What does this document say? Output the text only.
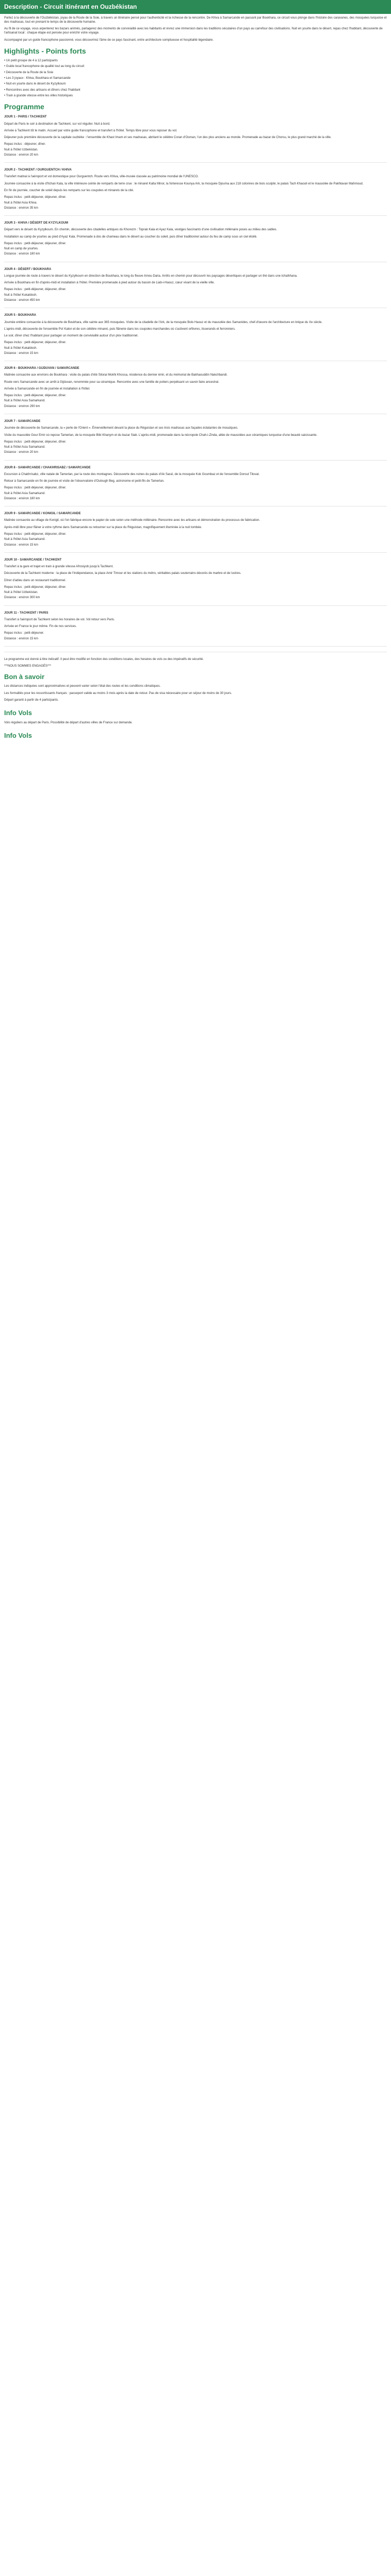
Description - Circuit itinérant en Ouzbékistan

Partez à la découverte de l'Ouzbékistan, joyau de la Route de la Soie, à travers un itinéraire pensé pour l'authenticité et la richesse de la rencontre. De Khiva à Samarcande en passant par Boukhara, ce circuit vous plonge dans l'histoire des caravanes, des mosquées turquoise et des madrasas, tout en prenant le temps de la découverte humaine.

Au fil de ce voyage, vous arpenterez les bazars animés, partagerez des moments de convivialité avec les habitants et vivrez une immersion dans les traditions séculaires d'un pays au carrefour des civilisations. Nuit en yourte dans le désert, repas chez l'habitant, découverte de l'artisanat local : chaque étape est pensée pour enrichir votre voyage.

Accompagné par un guide francophone passionné, vous découvrirez l'âme de ce pays fascinant, entre architecture somptueuse et hospitalité légendaire.

Highlights - Points forts
• Un petit groupe de 4 à 12 participants
• Guide local francophone de qualité tout au long du circuit
• Découverte de la Route de la Soie
• Les 3 joyaux : Khiva, Boukhara et Samarcande
• Nuit en yourte dans le désert de Kyzylkoum
• Rencontres avec des artisans et dîners chez l'habitant
• Train à grande vitesse entre les villes historiques
Programme
JOUR 1 - PARIS / TACHKENT

Départ de Paris le soir à destination de Tachkent, sur vol régulier. Nuit à bord.

Arrivée à Tachkent tôt le matin. Accueil par votre guide francophone et transfert à l'hôtel. Temps libre pour vous reposer du vol.

Déjeuner puis première découverte de la capitale ouzbèke : l'ensemble de Khast Imam et ses madrasas, abritant le célèbre Coran d'Osman, l'un des plus anciens au monde. Promenade au bazar de Chorsu, le plus grand marché de la ville.

Repas inclus : déjeuner, dîner.
Nuit à l'hôtel Uzbekistan.
Distance : environ 20 km
JOUR 2 - TACHKENT / OURGUENTCH / KHIVA

Transfert matinal à l'aéroport et vol domestique pour Ourguentch. Route vers Khiva, ville-musée classée au patrimoine mondial de l'UNESCO.

Journée consacrée à la visite d'Itchan Kala, la ville intérieure ceinte de remparts de terre crue : le minaret Kalta Minor, la forteresse Kounya Ark, la mosquée Djouma aux 218 colonnes de bois sculpté, le palais Tach Khaouli et le mausolée de Pakhlavan Mahmoud.

En fin de journée, coucher de soleil depuis les remparts sur les coupoles et minarets de la cité.

Repas inclus : petit-déjeuner, déjeuner, dîner.
Nuit à l'hôtel Asia Khiva.
Distance : environ 35 km
JOUR 3 - KHIVA / DÉSERT DE KYZYLKOUM

Départ vers le désert du Kyzylkoum. En chemin, découverte des citadelles antiques du Khorezm : Toprak Kala et Ayaz Kala, vestiges fascinants d'une civilisation millénaire posés au milieu des sables.

Installation au camp de yourtes au pied d'Ayaz Kala. Promenade à dos de chameau dans le désert au coucher du soleil, puis dîner traditionnel autour du feu de camp sous un ciel étoilé.

Repas inclus : petit-déjeuner, déjeuner, dîner.
Nuit en camp de yourtes.
Distance : environ 180 km
JOUR 4 - DÉSERT / BOUKHARA

Longue journée de route à travers le désert du Kyzylkoum en direction de Boukhara, le long du fleuve Amou-Daria. Arrêts en chemin pour découvrir les paysages désertiques et partager un thé dans une tchaïkhana.

Arrivée à Boukhara en fin d'après-midi et installation à l'hôtel. Première promenade à pied autour du bassin de Liab-i-Haouz, cœur vivant de la vieille ville.

Repas inclus : petit-déjeuner, déjeuner, dîner.
Nuit à l'hôtel Kukaldosh.
Distance : environ 450 km
JOUR 5 - BOUKHARA

Journée entière consacrée à la découverte de Boukhara, ville sainte aux 365 mosquées. Visite de la citadelle de l'Ark, de la mosquée Bolo Haouz et du mausolée des Samanides, chef-d'œuvre de l'architecture en brique du Xe siècle.

L'après-midi, découverte de l'ensemble Poï Kalon et de son célèbre minaret, puis flânerie dans les coupoles marchandes où s'activent orfèvres, tisserands et ferronniers.

Le soir, dîner chez l'habitant pour partager un moment de convivialité autour d'un plov traditionnel.

Repas inclus : petit-déjeuner, déjeuner, dîner.
Nuit à l'hôtel Kukaldosh.
Distance : environ 15 km
JOUR 6 - BOUKHARA / GIJDUVAN / SAMARCANDE

Matinée consacrée aux environs de Boukhara : visite du palais d'été Sitorai Mokhi Khossa, résidence du dernier émir, et du mémorial de Bakhaouddin Nakchbandi.

Route vers Samarcande avec un arrêt à Gijduvan, renommée pour sa céramique. Rencontre avec une famille de potiers perpétuant un savoir-faire ancestral.

Arrivée à Samarcande en fin de journée et installation à l'hôtel.

Repas inclus : petit-déjeuner, déjeuner, dîner.
Nuit à l'hôtel Asia Samarkand.
Distance : environ 290 km
JOUR 7 - SAMARCANDE

Journée de découverte de Samarcande, la « perle de l'Orient ». Émerveillement devant la place du Réguistan et ses trois madrasas aux façades éclatantes de mosaïques.

Visite du mausolée Gour Emir où repose Tamerlan, de la mosquée Bibi Khanym et du bazar Siab. L'après-midi, promenade dans la nécropole Chah-i-Zinda, allée de mausolées aux céramiques turquoise d'une beauté saisissante.

Repas inclus : petit-déjeuner, déjeuner, dîner.
Nuit à l'hôtel Asia Samarkand.
Distance : environ 20 km
JOUR 8 - SAMARCANDE / CHAKHRISABZ / SAMARCANDE

Excursion à Chakhrisabz, ville natale de Tamerlan, par la route des montagnes. Découverte des ruines du palais d'Ak Saraï, de la mosquée Kok Goumbaz et de l'ensemble Dorout Tilovat.

Retour à Samarcande en fin de journée et visite de l'observatoire d'Oulough Beg, astronome et petit-fils de Tamerlan.

Repas inclus : petit-déjeuner, déjeuner, dîner.
Nuit à l'hôtel Asia Samarkand.
Distance : environ 180 km
JOUR 9 - SAMARCANDE / KONIGIL / SAMARCANDE

Matinée consacrée au village de Konigil, où l'on fabrique encore le papier de soie selon une méthode millénaire. Rencontre avec les artisans et démonstration du processus de fabrication.

Après-midi libre pour flâner à votre rythme dans Samarcande ou retourner sur la place du Réguistan, magnifiquement illuminée à la nuit tombée.

Repas inclus : petit-déjeuner, déjeuner, dîner.
Nuit à l'hôtel Asia Samarkand.
Distance : environ 15 km
JOUR 10 - SAMARCANDE / TACHKENT

Transfert à la gare et trajet en train à grande vitesse Afrosiyob jusqu'à Tachkent.

Découverte de la Tachkent moderne : la place de l'Indépendance, la place Amir Timour et les stations du métro, véritables palais souterrains décorés de marbre et de lustres.

Dîner d'adieu dans un restaurant traditionnel.

Repas inclus : petit-déjeuner, déjeuner, dîner.
Nuit à l'hôtel Uzbekistan.
Distance : environ 300 km
JOUR 11 - TACHKENT / PARIS

Transfert à l'aéroport de Tachkent selon les horaires de vol. Vol retour vers Paris.

Arrivée en France le jour même. Fin de nos services.

Repas inclus : petit-déjeuner.
Distance : environ 15 km

Le programme est donné à titre indicatif. Il peut être modifié en fonction des conditions locales, des horaires de vols ou des impératifs de sécurité.

***NOUS SOMMES ENGAGÉS***

Bon à savoir

Les distances indiquées sont approximatives et peuvent varier selon l'état des routes et les conditions climatiques.

Les formalités pour les ressortissants français : passeport valide au moins 3 mois après la date de retour. Pas de visa nécessaire pour un séjour de moins de 30 jours.

Départ garanti à partir de 4 participants.

Info Vols

Vols réguliers au départ de Paris. Possibilité de départ d'autres villes de France sur demande.

Info Vols
